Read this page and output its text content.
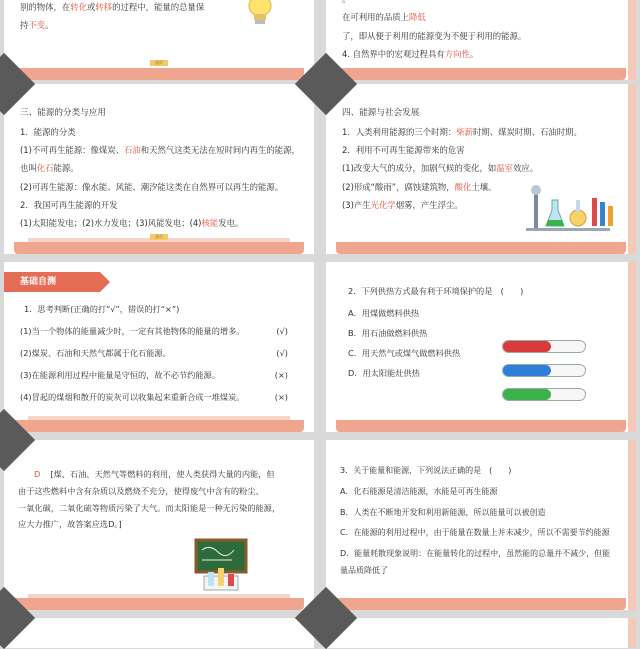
别的物体，在转化或转移的过程中，能量的总量保

持不变。

首页

在可利用的品质上降低

了，即从便于利用的能源变为不便于利用的能源。

4. 自然界中的宏观过程具有方向性。

三、能源的分类与应用

1．能源的分类

(1)不可再生能源：像煤炭、石油和天然气这类无法在短时间内再生的能源，

也叫化石能源。

(2)可再生能源：像水能、风能、潮汐能这类在自然界可以再生的能源。

2．我国可再生能源的开发

(1)太阳能发电；(2)水力发电；(3)风能发电；(4)核能发电。

首页

四、能源与社会发展

1．人类利用能源的三个时期：柴薪时期、煤炭时期、石油时期。

2．利用不可再生能源带来的危害

(1)改变大气的成分，加剧气候的变化，如温室效应。

(2)形成“酸雨”，腐蚀建筑物，酸化土壤。

(3)产生光化学烟雾，产生浮尘。

基础自测
1．思考判断(正确的打“√”，错误的打“×”)
(1)当一个物体的能量减少时，一定有其他物体的能量的增多。	(√)
(2)煤炭、石油和天然气都属于化石能源。	(√)
(3)在能源利用过程中能量是守恒的，故不必节约能源。	(×)
(4)冒起的煤烟和散开的炭灰可以收集起来重新合成一堆煤炭。	(×)
2．下列供热方式最有利于环境保护的是　(　　)
A．用煤做燃料供热
B．用石油做燃料供热
C．用天然气或煤气做燃料供热
D．用太阳能灶供热
D [煤、石油、天然气等燃料的利用，使人类获得大量的内能，但
由于这些燃料中含有杂质以及燃烧不充分，使得废气中含有的粉尘、
一氧化碳，二氧化硫等物质污染了大气。而太阳能是一种无污染的能源，
应大力推广，故答案应选D。]

3．关于能量和能源，下列说法正确的是　(　　)

A．化石能源是清洁能源，水能是可再生能源

B．人类在不断地开发和利用新能源，所以能量可以被创造

C．在能源的利用过程中，由于能量在数量上并未减少，所以不需要节约能源

D．能量耗散现象说明：在能量转化的过程中，虽然能的总量并不减少，但能

量品质降低了
